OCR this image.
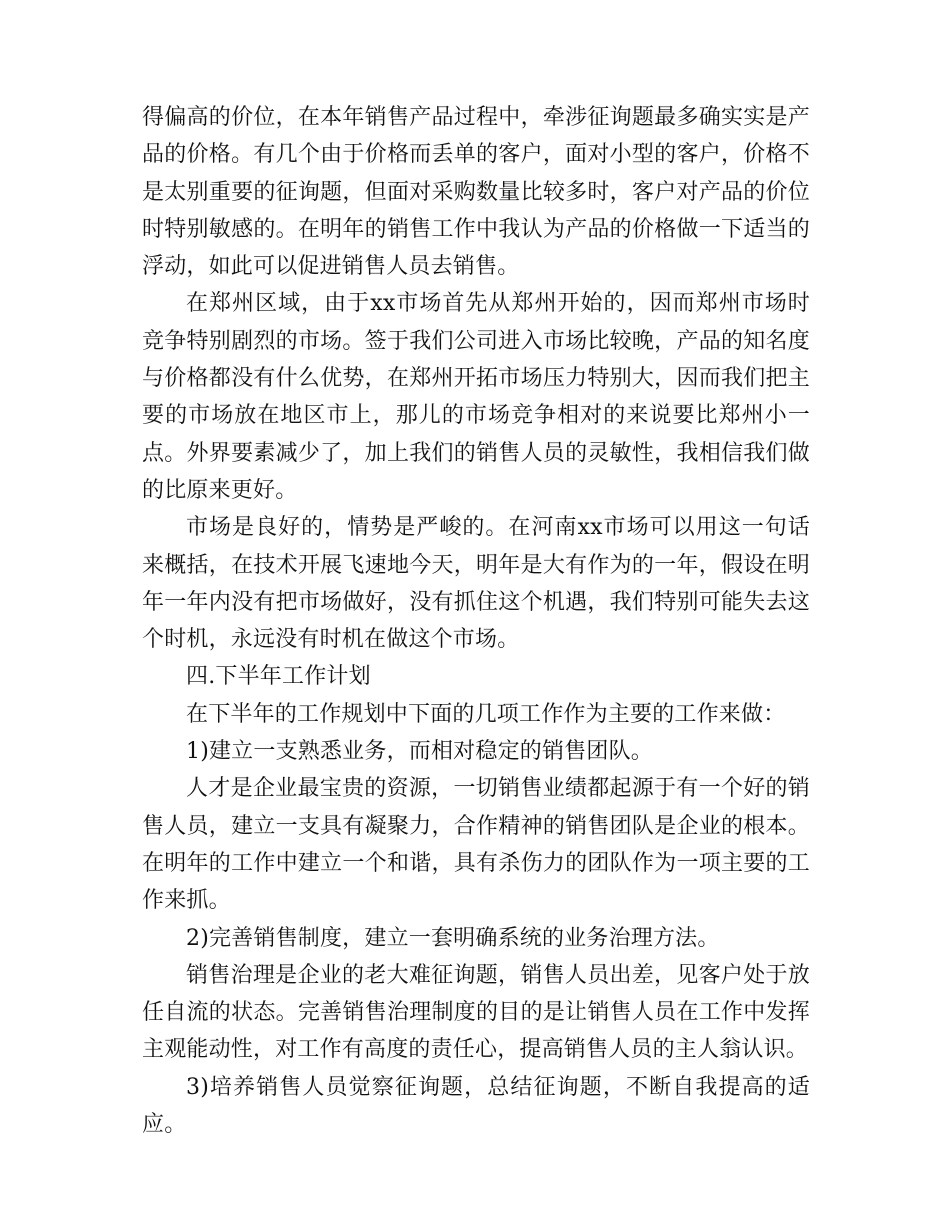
得偏高的价位，在本年销售产品过程中，牵涉征询题最多确实实是产品的价格。有几个由于价格而丢单的客户，面对小型的客户，价格不是太别重要的征询题，但面对采购数量比较多时，客户对产品的价位时特别敏感的。在明年的销售工作中我认为产品的价格做一下适当的浮动，如此可以促进销售人员去销售。

在郑州区域，由于xx市场首先从郑州开始的，因而郑州市场时竞争特别剧烈的市场。签于我们公司进入市场比较晚，产品的知名度与价格都没有什么优势，在郑州开拓市场压力特别大，因而我们把主要的市场放在地区市上，那儿的市场竞争相对的来说要比郑州小一点。外界要素减少了，加上我们的销售人员的灵敏性，我相信我们做的比原来更好。

市场是良好的，情势是严峻的。在河南xx市场可以用这一句话来概括，在技术开展飞速地今天，明年是大有作为的一年，假设在明年一年内没有把市场做好，没有抓住这个机遇，我们特别可能失去这个时机，永远没有时机在做这个市场。

四.下半年工作计划

在下半年的工作规划中下面的几项工作作为主要的工作来做：

1)建立一支熟悉业务，而相对稳定的销售团队。

人才是企业最宝贵的资源，一切销售业绩都起源于有一个好的销售人员，建立一支具有凝聚力，合作精神的销售团队是企业的根本。在明年的工作中建立一个和谐，具有杀伤力的团队作为一项主要的工作来抓。

2)完善销售制度，建立一套明确系统的业务治理方法。

销售治理是企业的老大难征询题，销售人员出差，见客户处于放任自流的状态。完善销售治理制度的目的是让销售人员在工作中发挥主观能动性，对工作有高度的责任心，提高销售人员的主人翁认识。

3)培养销售人员觉察征询题，总结征询题，不断自我提高的适应。
